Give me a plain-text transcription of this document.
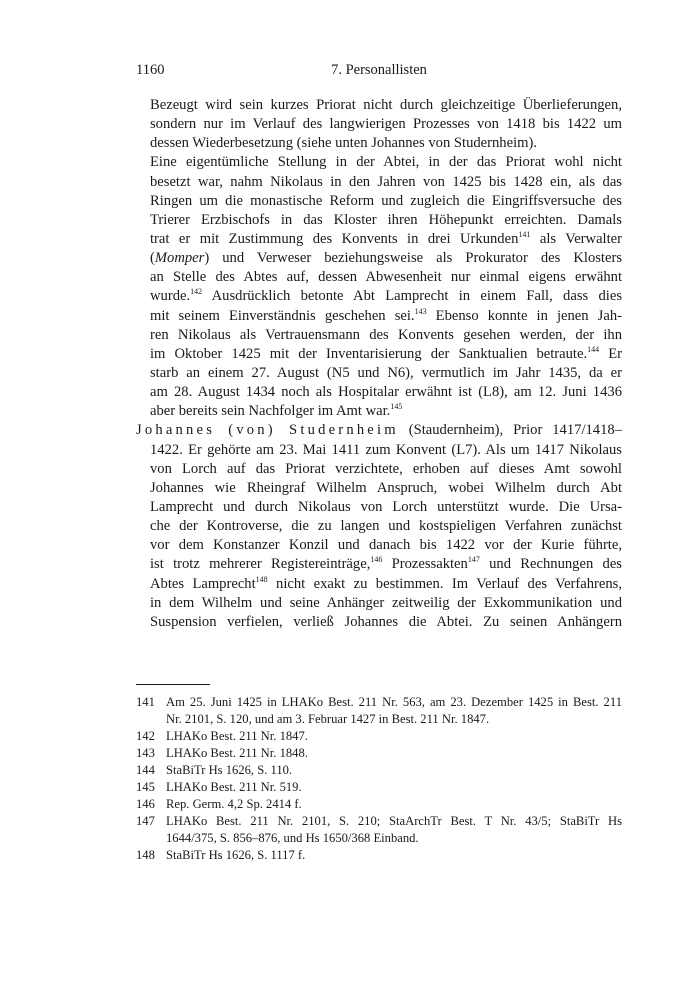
1160	7. Personallisten
Bezeugt wird sein kurzes Priorat nicht durch gleichzeitige Überlieferungen,
sondern nur im Verlauf des langwierigen Prozesses von 1418 bis 1422 um
dessen Wiederbesetzung (siehe unten Johannes von Studernheim).
Eine eigentümliche Stellung in der Abtei, in der das Priorat wohl nicht
besetzt war, nahm Nikolaus in den Jahren von 1425 bis 1428 ein, als das
Ringen um die monastische Reform und zugleich die Eingriffsversuche des
Trierer Erzbischofs in das Kloster ihren Höhepunkt erreichten. Damals
trat er mit Zustimmung des Konvents in drei Urkunden$^{141}$ als Verwalter
(Momper) und Verweser beziehungsweise als Prokurator des Klosters
an Stelle des Abtes auf, dessen Abwesenheit nur einmal eigens erwähnt
wurde.$^{142}$ Ausdrücklich betonte Abt Lamprecht in einem Fall, dass dies
mit seinem Einverständnis geschehen sei.$^{143}$ Ebenso konnte in jenen Jah-
ren Nikolaus als Vertrauensmann des Konvents gesehen werden, der ihn
im Oktober 1425 mit der Inventarisierung der Sanktualien betraute.$^{144}$ Er
starb an einem 27. August (N5 und N6), vermutlich im Jahr 1435, da er
am 28. August 1434 noch als Hospitalar erwähnt ist (L8), am 12. Juni 1436
aber bereits sein Nachfolger im Amt war.$^{145}$
Johannes (von) Studernheim (Staudernheim), Prior 1417/1418–
1422. Er gehörte am 23. Mai 1411 zum Konvent (L7). Als um 1417 Nikolaus
von Lorch auf das Priorat verzichtete, erhoben auf dieses Amt sowohl
Johannes wie Rheingraf Wilhelm Anspruch, wobei Wilhelm durch Abt
Lamprecht und durch Nikolaus von Lorch unterstützt wurde. Die Ursa-
che der Kontroverse, die zu langen und kostspieligen Verfahren zunächst
vor dem Konstanzer Konzil und danach bis 1422 vor der Kurie führte,
ist trotz mehrerer Registereinträge,$^{146}$ Prozessakten$^{147}$ und Rechnungen des
Abtes Lamprecht$^{148}$ nicht exakt zu bestimmen. Im Verlauf des Verfahrens,
in dem Wilhelm und seine Anhänger zeitweilig der Exkommunikation und
Suspension verfielen, verließ Johannes die Abtei. Zu seinen Anhängern
141 Am 25. Juni 1425 in LHAKo Best. 211 Nr. 563, am 23. Dezember 1425 in Best. 211
Nr. 2101, S. 120, und am 3. Februar 1427 in Best. 211 Nr. 1847.
142 LHAKo Best. 211 Nr. 1847.
143 LHAKo Best. 211 Nr. 1848.
144 StaBiTr Hs 1626, S. 110.
145 LHAKo Best. 211 Nr. 519.
146 Rep. Germ. 4,2 Sp. 2414 f.
147 LHAKo Best. 211 Nr. 2101, S. 210; StaArchTr Best. T Nr. 43/5; StaBiTr Hs
1644/375, S. 856–876, und Hs 1650/368 Einband.
148 StaBiTr Hs 1626, S. 1117 f.
